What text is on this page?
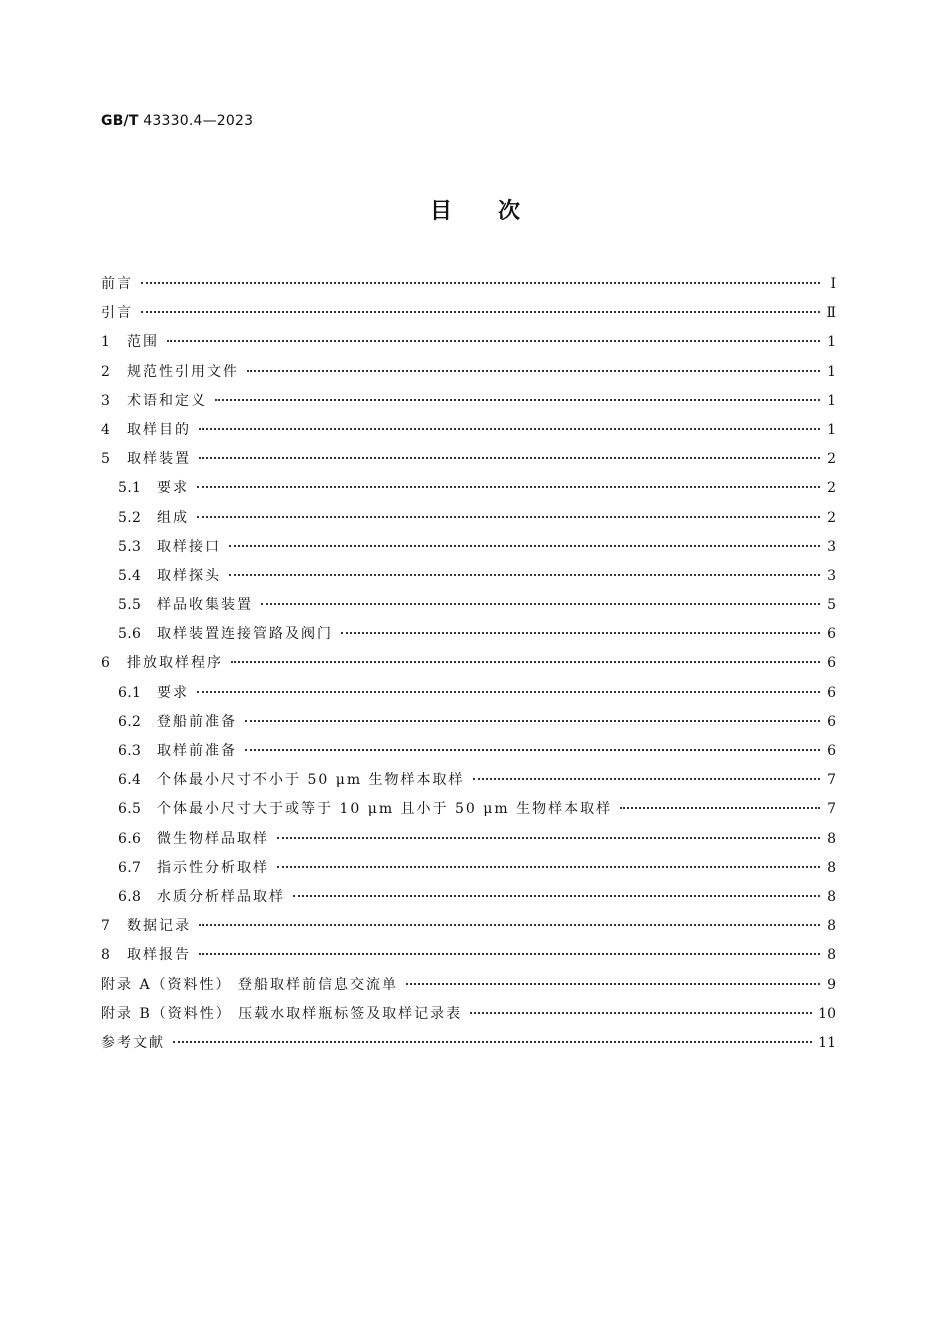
GB/T 43330.4—2023
目次
前言	Ⅰ
引言	Ⅱ
1	范围	1
2	规范性引用文件	1
3	术语和定义	1
4	取样目的	1
5	取样装置	2
5.1	要求	2
5.2	组成	2
5.3	取样接口	3
5.4	取样探头	3
5.5	样品收集装置	5
5.6	取样装置连接管路及阀门	6
6	排放取样程序	6
6.1	要求	6
6.2	登船前准备	6
6.3	取样前准备	6
6.4	个体最小尺寸不小于 50 μm 生物样本取样	7
6.5	个体最小尺寸大于或等于 10 μm 且小于 50 μm 生物样本取样	7
6.6	微生物样品取样	8
6.7	指示性分析取样	8
6.8	水质分析样品取样	8
7	数据记录	8
8	取样报告	8
附录 A（资料性） 登船取样前信息交流单	9
附录 B（资料性） 压载水取样瓶标签及取样记录表	10
参考文献	11
